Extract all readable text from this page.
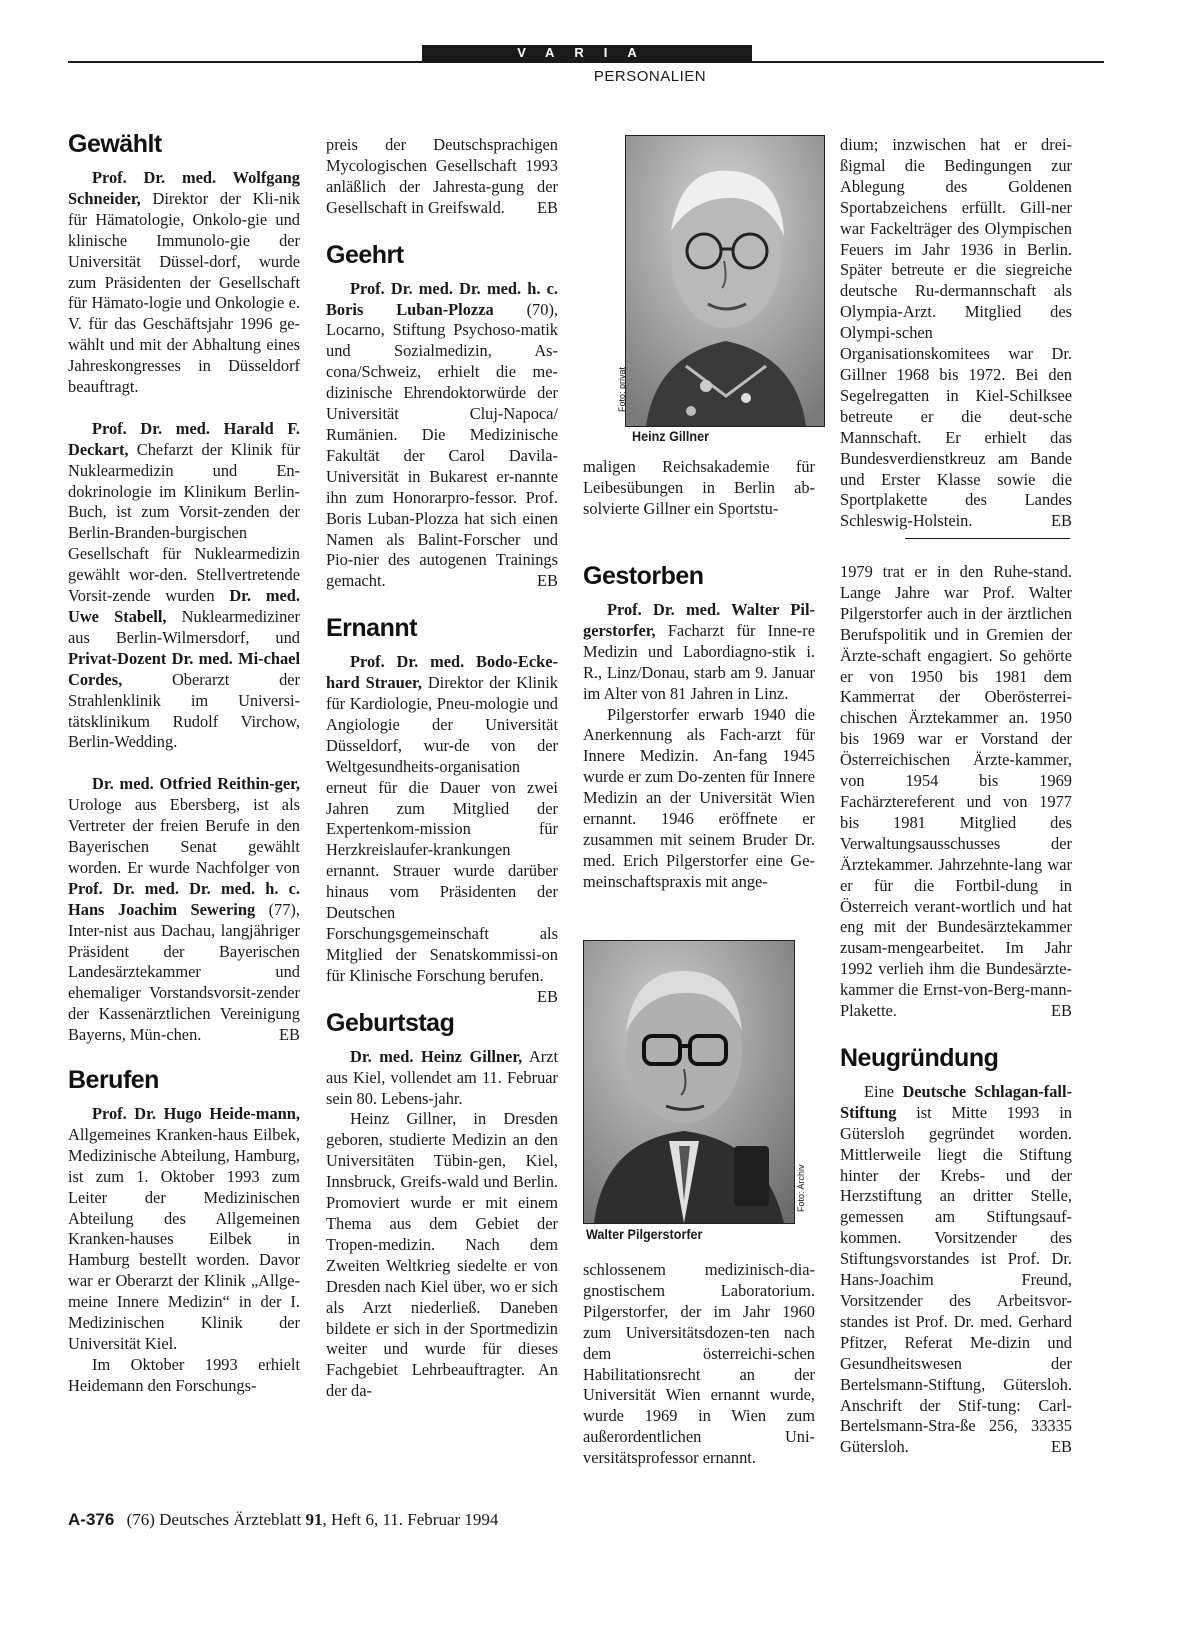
VARIA
PERSONALIEN
Gewählt

Prof. Dr. med. Wolfgang Schneider, Direktor der Kli-nik für Hämatologie, Onkolo-gie und klinische Immunolo-gie der Universität Düssel-dorf, wurde zum Präsidenten der Gesellschaft für Hämato-logie und Onkologie e. V. für das Geschäftsjahr 1996 ge-wählt und mit der Abhaltung eines Jahreskongresses in Düsseldorf beauftragt.

Prof. Dr. med. Harald F. Deckart, Chefarzt der Klinik für Nuklearmedizin und En-dokrinologie im Klinikum Berlin-Buch, ist zum Vorsit-zenden der Berlin-Branden-burgischen Gesellschaft für Nuklearmedizin gewählt wor-den. Stellvertretende Vorsit-zende wurden Dr. med. Uwe Stabell, Nuklearmediziner aus Berlin-Wilmersdorf, und Privat-Dozent Dr. med. Mi-chael Cordes, Oberarzt der Strahlenklinik im Universi-tätsklinikum Rudolf Virchow, Berlin-Wedding.

Dr. med. Otfried Reithin-ger, Urologe aus Ebersberg, ist als Vertreter der freien Berufe in den Bayerischen Senat gewählt worden. Er wurde Nachfolger von Prof. Dr. med. Dr. med. h. c. Hans Joachim Sewering (77), Inter-nist aus Dachau, langjähriger Präsident der Bayerischen Landesärztekammer und ehemaliger Vorstandsvorsit-zender der Kassenärztlichen Vereinigung Bayerns, Mün-chen.	EB

Berufen

Prof. Dr. Hugo Heide-mann, Allgemeines Kranken-haus Eilbek, Medizinische Abteilung, Hamburg, ist zum 1. Oktober 1993 zum Leiter der Medizinischen Abteilung des Allgemeinen Kranken-hauses Eilbek in Hamburg bestellt worden. Davor war er Oberarzt der Klinik „Allge-meine Innere Medizin“ in der I. Medizinischen Klinik der Universität Kiel.

Im Oktober 1993 erhielt Heidemann den Forschungs-

preis der Deutschsprachigen Mycologischen Gesellschaft 1993 anläßlich der Jahresta-gung der Gesellschaft in Greifswald. EB

Geehrt

Prof. Dr. med. Dr. med. h. c. Boris Luban-Plozza (70), Locarno, Stiftung Psychoso-matik und Sozialmedizin, As-cona/Schweiz, erhielt die me-dizinische Ehrendoktorwürde der Universität Cluj-Napoca/ Rumänien. Die Medizinische Fakultät der Carol Davila-Universität in Bukarest er-nannte ihn zum Honorarpro-fessor. Prof. Boris Luban-Plozza hat sich einen Namen als Balint-Forscher und Pio-nier des autogenen Trainings gemacht.	EB

Ernannt

Prof. Dr. med. Bodo-Ecke-hard Strauer, Direktor der Klinik für Kardiologie, Pneu-mologie und Angiologie der Universität Düsseldorf, wur-de von der Weltgesundheits-organisation erneut für die Dauer von zwei Jahren zum Mitglied der Expertenkom-mission für Herzkreislaufer-krankungen ernannt. Strauer wurde darüber hinaus vom Präsidenten der Deutschen Forschungsgemeinschaft als Mitglied der Senatskommissi-on für Klinische Forschung berufen.
EB

Geburtstag

Dr. med. Heinz Gillner, Arzt aus Kiel, vollendet am 11. Februar sein 80. Lebens-jahr.

Heinz Gillner, in Dresden geboren, studierte Medizin an den Universitäten Tübin-gen, Kiel, Innsbruck, Greifs-wald und Berlin. Promoviert wurde er mit einem Thema aus dem Gebiet der Tropen-medizin. Nach dem Zweiten Weltkrieg siedelte er von Dresden nach Kiel über, wo er sich als Arzt niederließ. Daneben bildete er sich in der Sportmedizin weiter und wurde für dieses Fachgebiet Lehrbeauftragter. An der da-

Foto: privat
Heinz Gillner

maligen Reichsakademie für Leibesübungen in Berlin ab-solvierte Gillner ein Sportstu-

dium; inzwischen hat er drei-ßigmal die Bedingungen zur Ablegung des Goldenen Sportabzeichens erfüllt. Gill-ner war Fackelträger des Olympischen Feuers im Jahr 1936 in Berlin. Später betreute er die siegreiche deutsche Ru-dermannschaft als Olympia-Arzt. Mitglied des Olympi-schen Organisationskomitees war Dr. Gillner 1968 bis 1972. Bei den Segelregatten in Kiel-Schilksee betreute er die deut-sche Mannschaft. Er erhielt das Bundesverdienstkreuz am Bande und Erster Klasse sowie die Sportplakette des Landes Schleswig-Holstein.	EB

Gestorben

Prof. Dr. med. Walter Pil-gerstorfer, Facharzt für Inne-re Medizin und Labordiagno-stik i. R., Linz/Donau, starb am 9. Januar im Alter von 81 Jahren in Linz.

Pilgerstorfer erwarb 1940 die Anerkennung als Fach-arzt für Innere Medizin. An-fang 1945 wurde er zum Do-zenten für Innere Medizin an der Universität Wien ernannt. 1946 eröffnete er zusammen mit seinem Bruder Dr. med. Erich Pilgerstorfer eine Ge-meinschaftspraxis mit ange-

Foto: Archiv
Walter Pilgerstorfer

schlossenem medizinisch-dia-gnostischem Laboratorium. Pilgerstorfer, der im Jahr 1960 zum Universitätsdozen-ten nach dem österreichi-schen Habilitationsrecht an der Universität Wien ernannt wurde, wurde 1969 in Wien zum außerordentlichen Uni-versitätsprofessor ernannt.

1979 trat er in den Ruhe-stand. Lange Jahre war Prof. Walter Pilgerstorfer auch in der ärztlichen Berufspolitik und in Gremien der Ärzte-schaft engagiert. So gehörte er von 1950 bis 1981 dem Kammerrat der Oberösterrei-chischen Ärztekammer an. 1950 bis 1969 war er Vorstand der Österreichischen Ärzte-kammer, von 1954 bis 1969 Fachärztereferent und von 1977 bis 1981 Mitglied des Verwaltungsausschusses der Ärztekammer. Jahrzehnte-lang war er für die Fortbil-dung in Österreich verant-wortlich und hat eng mit der Bundesärztekammer zusam-mengearbeitet. Im Jahr 1992 verlieh ihm die Bundesärzte-kammer die Ernst-von-Berg-mann-Plakette.	EB

Neugründung

Eine Deutsche Schlagan-fall-Stiftung ist Mitte 1993 in Gütersloh gegründet worden. Mittlerweile liegt die Stiftung hinter der Krebs- und der Herzstiftung an dritter Stelle, gemessen am Stiftungsauf-kommen. Vorsitzender des Stiftungsvorstandes ist Prof. Dr. Hans-Joachim Freund, Vorsitzender des Arbeitsvor-standes ist Prof. Dr. med. Gerhard Pfitzer, Referat Me-dizin und Gesundheitswesen der Bertelsmann-Stiftung, Gütersloh. Anschrift der Stif-tung: Carl-Bertelsmann-Stra-ße 256, 33335 Gütersloh.	EB

A-376 (76) Deutsches Ärzteblatt 91, Heft 6, 11. Februar 1994
